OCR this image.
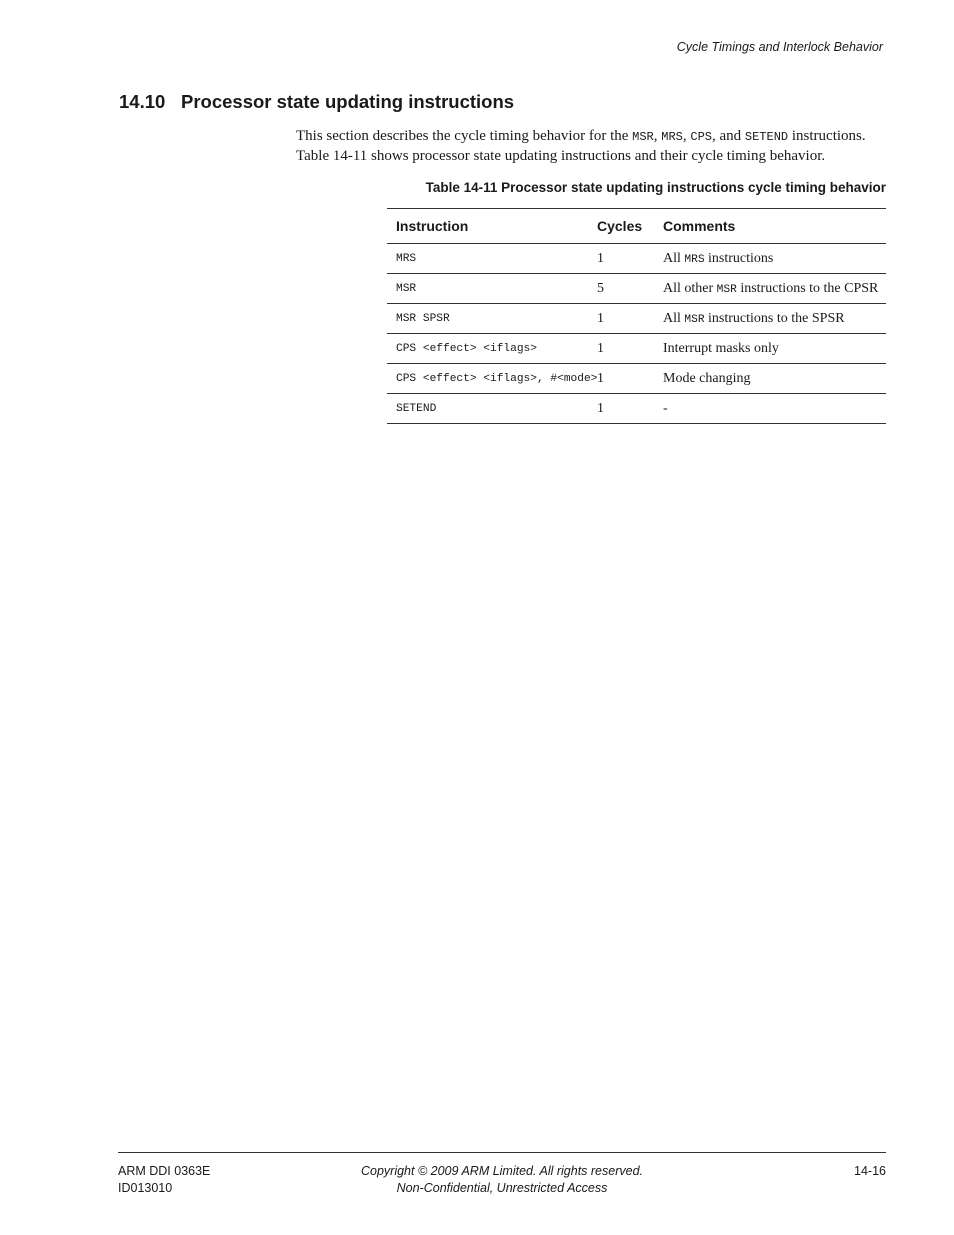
Cycle Timings and Interlock Behavior
14.10 Processor state updating instructions
This section describes the cycle timing behavior for the MSR, MRS, CPS, and SETEND instructions. Table 14-11 shows processor state updating instructions and their cycle timing behavior.
Table 14-11 Processor state updating instructions cycle timing behavior
Instruction	Cycles	Comments
MRS	1	All MRS instructions
MSR	5	All other MSR instructions to the CPSR
MSR SPSR	1	All MSR instructions to the SPSR
CPS <effect> <iflags>	1	Interrupt masks only
CPS <effect> <iflags>, #<mode>	1	Mode changing
SETEND	1	-
ARM DDI 0363E
ID013010
Copyright © 2009 ARM Limited. All rights reserved.
Non-Confidential, Unrestricted Access
14-16
